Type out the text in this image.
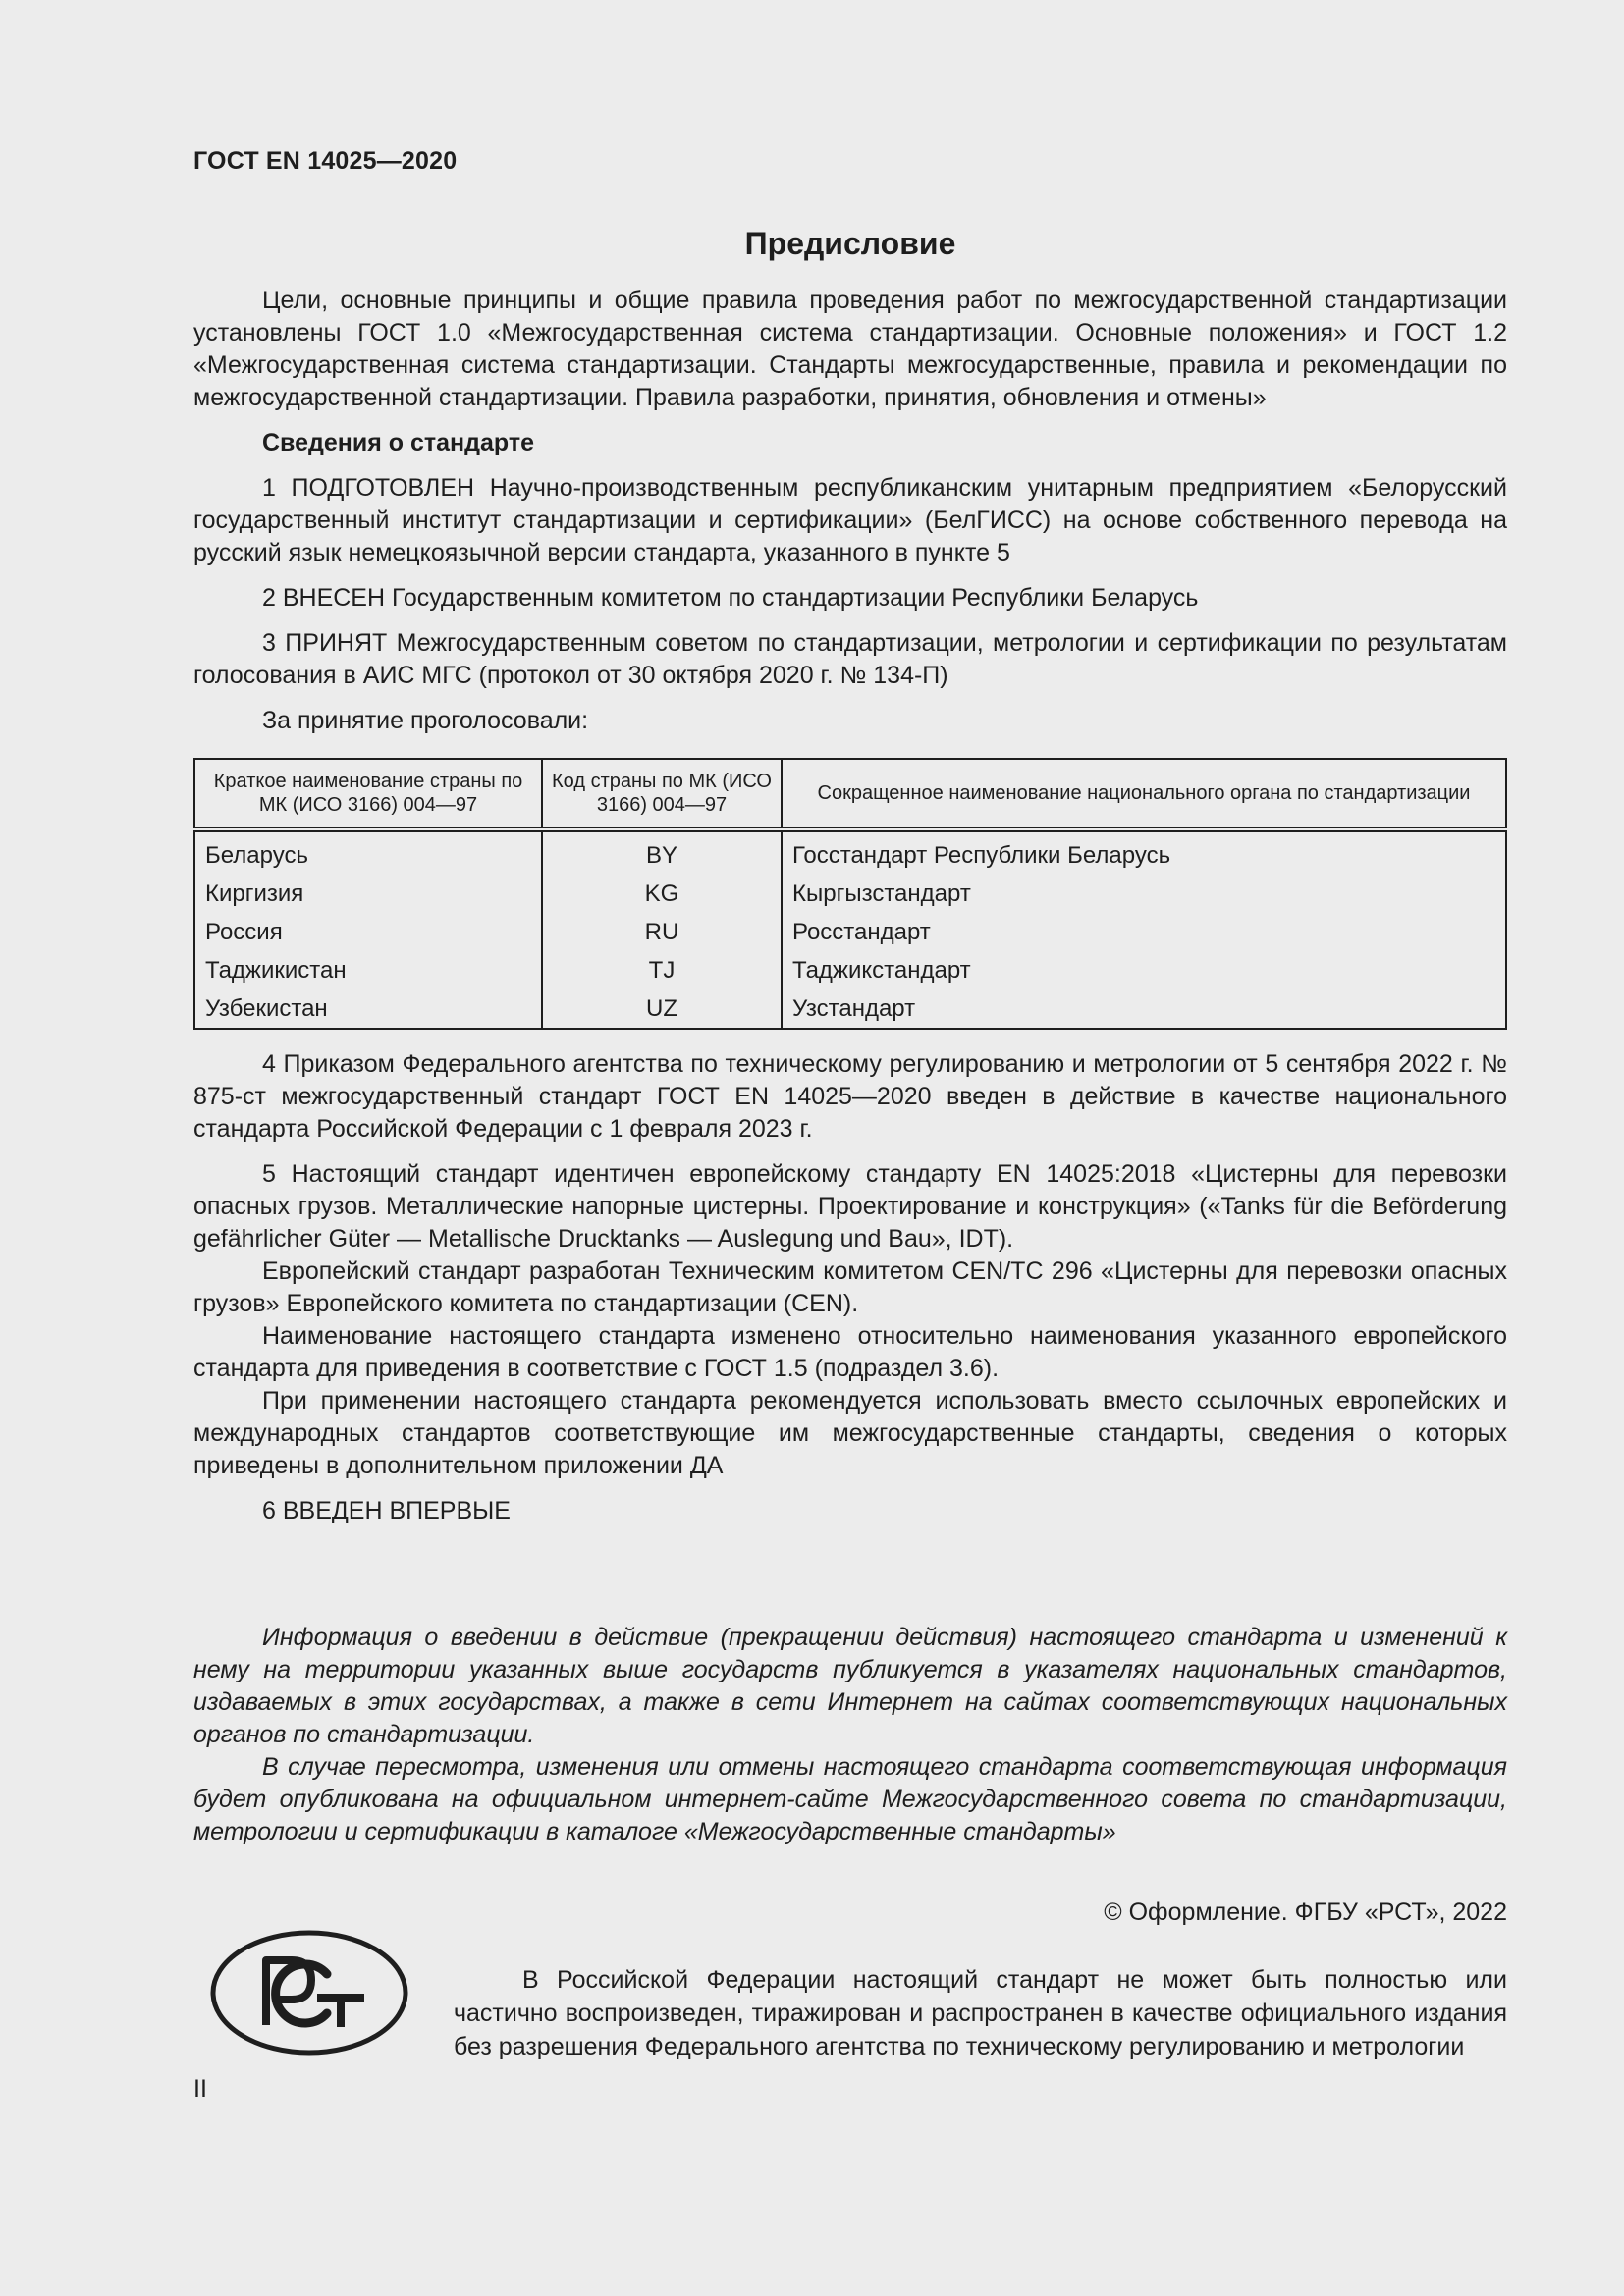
ГОСТ EN 14025—2020
Предисловие

Цели, основные принципы и общие правила проведения работ по межгосударственной стандартизации установлены ГОСТ 1.0 «Межгосударственная система стандартизации. Основные положения» и ГОСТ 1.2 «Межгосударственная система стандартизации. Стандарты межгосударственные, правила и рекомендации по межгосударственной стандартизации. Правила разработки, принятия, обновления и отмены»

Сведения о стандарте

1 ПОДГОТОВЛЕН Научно-производственным республиканским унитарным предприятием «Белорусский государственный институт стандартизации и сертификации» (БелГИСС) на основе собственного перевода на русский язык немецкоязычной версии стандарта, указанного в пункте 5

2 ВНЕСЕН Государственным комитетом по стандартизации Республики Беларусь

3 ПРИНЯТ Межгосударственным советом по стандартизации, метрологии и сертификации по результатам голосования в АИС МГС (протокол от 30 октября 2020 г. № 134-П)

За принятие проголосовали:

Краткое наименование страны по МК (ИСО 3166) 004—97	Код страны по МК (ИСО 3166) 004—97	Сокращенное наименование национального органа по стандартизации
Беларусь	BY	Госстандарт Республики Беларусь
Киргизия	KG	Кыргызстандарт
Россия	RU	Росстандарт
Таджикистан	TJ	Таджикстандарт
Узбекистан	UZ	Узстандарт

4 Приказом Федерального агентства по техническому регулированию и метрологии от 5 сентября 2022 г. № 875-ст межгосударственный стандарт ГОСТ EN 14025—2020 введен в действие в качестве национального стандарта Российской Федерации с 1 февраля 2023 г.

5 Настоящий стандарт идентичен европейскому стандарту EN 14025:2018 «Цистерны для перевозки опасных грузов. Металлические напорные цистерны. Проектирование и конструкция» («Tanks für die Beförderung gefährlicher Güter — Metallische Drucktanks — Auslegung und Bau», IDT).

Европейский стандарт разработан Техническим комитетом CEN/TC 296 «Цистерны для перевозки опасных грузов» Европейского комитета по стандартизации (CEN).

Наименование настоящего стандарта изменено относительно наименования указанного европейского стандарта для приведения в соответствие с ГОСТ 1.5 (подраздел 3.6).

При применении настоящего стандарта рекомендуется использовать вместо ссылочных европейских и международных стандартов соответствующие им межгосударственные стандарты, сведения о которых приведены в дополнительном приложении ДА

6 ВВЕДЕН ВПЕРВЫЕ

Информация о введении в действие (прекращении действия) настоящего стандарта и изменений к нему на территории указанных выше государств публикуется в указателях национальных стандартов, издаваемых в этих государствах, а также в сети Интернет на сайтах соответствующих национальных органов по стандартизации.

В случае пересмотра, изменения или отмены настоящего стандарта соответствующая информация будет опубликована на официальном интернет-сайте Межгосударственного совета по стандартизации, метрологии и сертификации в каталоге «Межгосударственные стандарты»

© Оформление. ФГБУ «РСТ», 2022

В Российской Федерации настоящий стандарт не может быть полностью или частично воспроизведен, тиражирован и распространен в качестве официального издания без разрешения Федерального агентства по техническому регулированию и метрологии

II
